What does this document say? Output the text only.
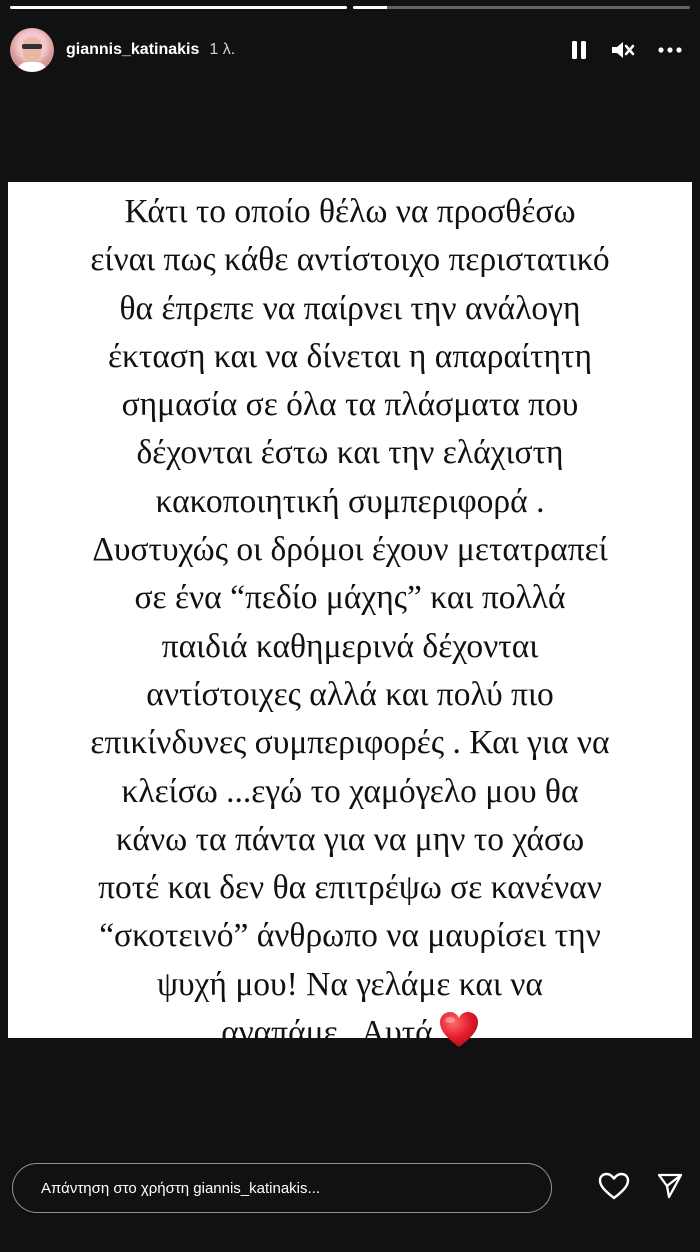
giannis_katinakis 1 λ.

Κάτι το οποίο θέλω να προσθέσω
είναι πως κάθε αντίστοιχο περιστατικό
θα έπρεπε να παίρνει την ανάλογη
έκταση και να δίνεται η απαραίτητη
σημασία σε όλα τα πλάσματα που
δέχονται έστω και την ελάχιστη
κακοποιητική συμπεριφορά .
Δυστυχώς οι δρόμοι έχουν μετατραπεί
σε ένα “πεδίο μάχης” και πολλά
παιδιά καθημερινά δέχονται
αντίστοιχες αλλά και πολύ πιο
επικίνδυνες συμπεριφορές . Και για να
κλείσω ...εγώ το χαμόγελο μου θα
κάνω τα πάντα για να μην το χάσω
ποτέ και δεν θα επιτρέψω σε κανέναν
“σκοτεινό” άνθρωπο να μαυρίσει την
ψυχή μου! Να γελάμε και να
αγαπάμε . Αυτά

Απάντηση στο χρήστη giannis_katinakis...
